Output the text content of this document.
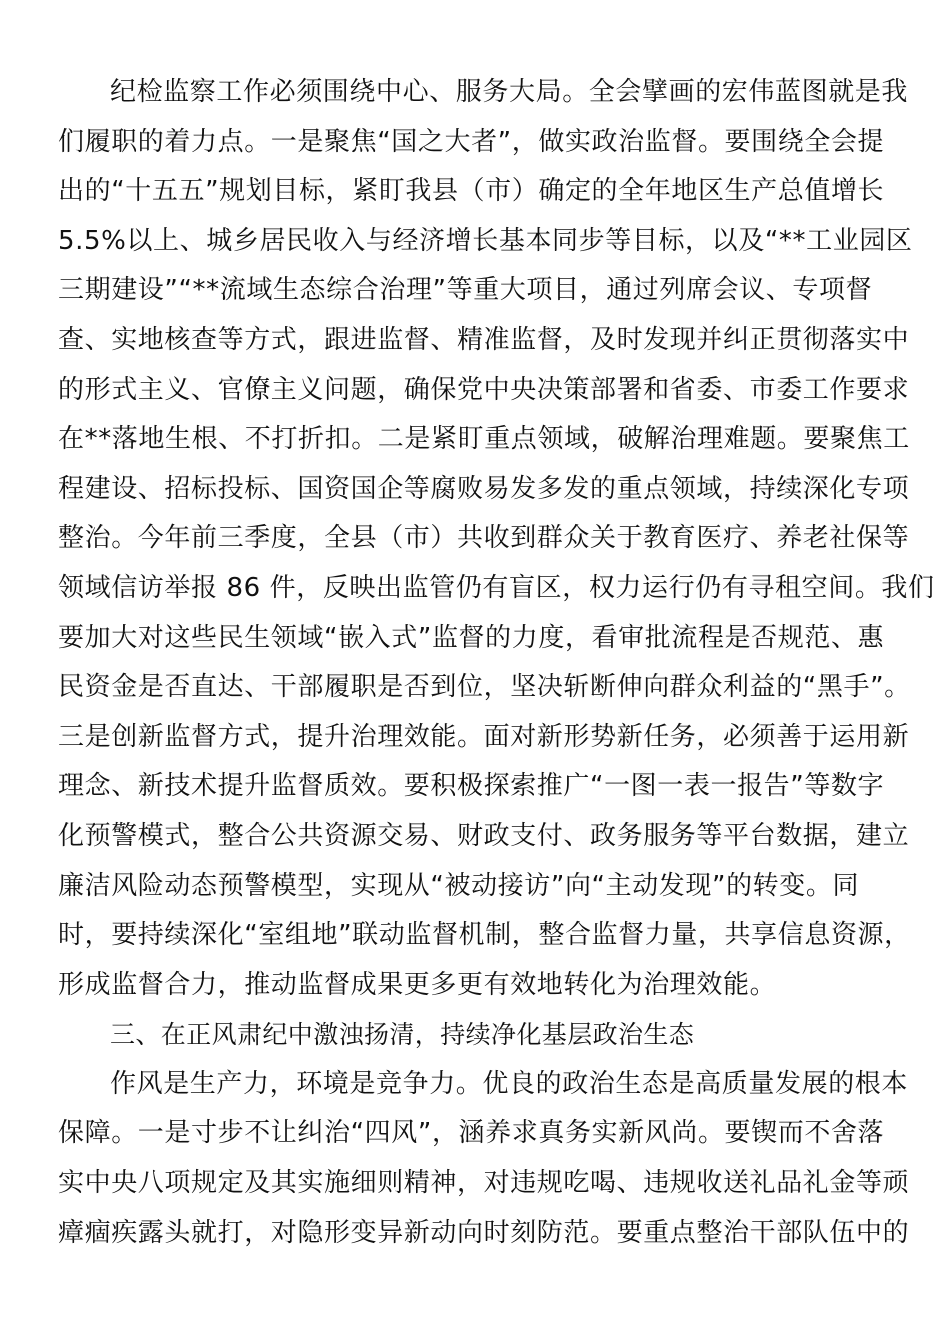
纪检监察工作必须围绕中心、服务大局。全会擘画的宏伟蓝图就是我
们履职的着力点。一是聚焦“国之大者”，做实政治监督。要围绕全会提
出的“十五五”规划目标，紧盯我县（市）确定的全年地区生产总值增长
5.5%以上、城乡居民收入与经济增长基本同步等目标，以及“**工业园区
三期建设”“**流域生态综合治理”等重大项目，通过列席会议、专项督
查、实地核查等方式，跟进监督、精准监督，及时发现并纠正贯彻落实中
的形式主义、官僚主义问题，确保党中央决策部署和省委、市委工作要求
在**落地生根、不打折扣。二是紧盯重点领域，破解治理难题。要聚焦工
程建设、招标投标、国资国企等腐败易发多发的重点领域，持续深化专项
整治。今年前三季度，全县（市）共收到群众关于教育医疗、养老社保等
领域信访举报 86 件，反映出监管仍有盲区，权力运行仍有寻租空间。我们
要加大对这些民生领域“嵌入式”监督的力度，看审批流程是否规范、惠
民资金是否直达、干部履职是否到位，坚决斩断伸向群众利益的“黑手”。
三是创新监督方式，提升治理效能。面对新形势新任务，必须善于运用新
理念、新技术提升监督质效。要积极探索推广“一图一表一报告”等数字
化预警模式，整合公共资源交易、财政支付、政务服务等平台数据，建立
廉洁风险动态预警模型，实现从“被动接访”向“主动发现”的转变。同
时，要持续深化“室组地”联动监督机制，整合监督力量，共享信息资源，
形成监督合力，推动监督成果更多更有效地转化为治理效能。
三、在正风肃纪中激浊扬清，持续净化基层政治生态
作风是生产力，环境是竞争力。优良的政治生态是高质量发展的根本
保障。一是寸步不让纠治“四风”，涵养求真务实新风尚。要锲而不舍落
实中央八项规定及其实施细则精神，对违规吃喝、违规收送礼品礼金等顽
瘴痼疾露头就打，对隐形变异新动向时刻防范。要重点整治干部队伍中的
